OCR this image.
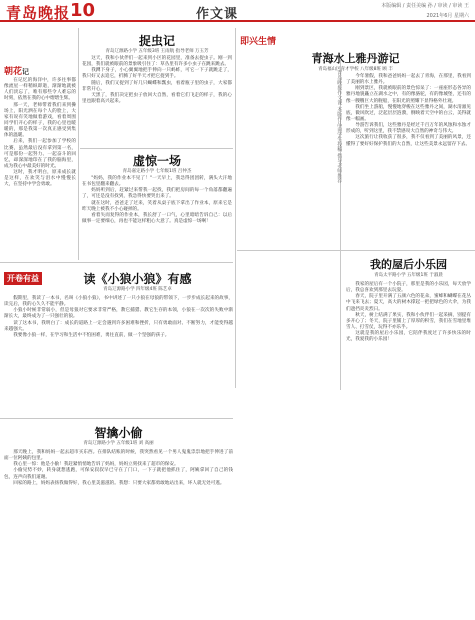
青岛晚报 10	作文课
本版编辑 / 责任美编 孙 / 审读 / 审读 王
2021年6月 星期六
朝花记

在记忆的海洋中，许多往事都像流星一样稍纵即逝，渐渐地就被人们淡忘了，唯有那些令人难忘的时刻，依然在我的心中熠熠生辉。

那一天，老师带着我们来到操场上，阳光洒在每个人的脸上，大家有说有笑地做着游戏，看着周围同学们开心的样子，我的心里也暖暖的，那是我第一次真正感受到集体的温暖。

后来，我们一起参加了学校的比赛，虽然最后没有拿到第一名，可是那份一起努力、一起奋斗的回忆，却深深地印在了我的脑海里，成为我心中最美好的时光。

这时，我才明白，原来成长就是这样，在欢笑与泪水中慢慢长大，在坚持中学会勇敢。

捉虫记
青岛辽源路小学 五年级3班 王雨航 指导老师 万玉芳

这天，我和小伙伴们一起来到小区的花园里，准备去捉虫子。刚一到花园，我们就被眼前的景象吸引住了：草丛里有许多小虫子在跳来跳去。

我蹲下身子，小心翼翼地把手伸向一只蚂蚱，可它一下子就跳走了，我只好又去追它，折腾了好半天才把它捉到手。

随后，我们又捉到了好几只蝴蝶和瓢虫，看着瓶子里的虫子，大家都非常开心。

天黑了，我们决定把虫子放回大自然，看着它们飞走的样子，我的心里也跟着高兴起来。

虚惊一场
青岛嘉定路小学 七年级1班 吕仲杰

"妈妈，我的作业本不见了！"一天早上，我急得团团转，满头大汗地在书包里翻来翻去。

妈妈听到后，赶紧过来帮我一起找，我们把房间的每一个角落都翻遍了，可还是没有找到，我急得快要哭出来了。

就在这时，爸爸走了过来，笑着从桌子底下拿出了作业本，原来它是昨天晚上被我不小心碰掉的。

看着失而复得的作业本，我长舒了一口气，心里暗暗告诉自己：以后做事一定要细心，再也不能这样粗心大意了。真是虚惊一场啊！

即兴生情
青海水上雅丹游记
青岛福山区育才学校 八年级8班 顾 丰

今年暑假，我和爸爸妈妈一起去了青海，在那里，我看到了美丽的水上雅丹。

刚到景区，我就被眼前的景色惊呆了：一座座形态各异的雅丹地貌矗立在湖水之中，有的像骆驼，有的像城堡，还有的像一艘艘巨大的舰船，在阳光的照耀下显得格外壮观。

我们坐上游船，慢慢地穿梭在这些雅丹之间，湖水清澈见底，微风吹过，泛起层层涟漪，倒映着天空中的白云，美得就像一幅画。

导游告诉我们，这些雅丹是经过千百万年的风蚀和水蚀才形成的，听到这里，我不禁感叹大自然的神奇与伟大。

这次旅行让我收获了很多，我不仅看到了美丽的风景，还懂得了要好好保护我们的大自然，让这些美景永远留存下去。

我的屋后小乐园
青岛太平路小学 五年级1班 于淑晨

我家的屋后有一个小院子，那里是我的小乐园，每天放学后，我总喜欢到那里去玩耍。

春天，院子里开满了五颜六色的花朵，蜜蜂和蝴蝶在花丛中飞来飞去；夏天，高大的树木撑起一把把绿色的大伞，为我们遮挡炎炎烈日。

秋天，树上结满了果实，我和小伙伴们一起采摘，别提有多开心了；冬天，院子里铺上了厚厚的积雪，我们在雪地里堆雪人、打雪仗，玩得不亦乐乎。

这就是我的屋后小乐园，它陪伴我度过了许多快乐的时光，我爱我的小乐园！

青岛晚报作文课 本版作品由学生投稿 指导老师推荐
开卷有益	读《小狼小狼》有感
青岛辽源路小学 四年级4班 陈艺卓

假期里，我读了一本书，名叫《小狼小狼》，书中讲述了一只小狼在母狼的带领下，一步步成长起来的故事，读完后，我的心久久不能平静。

小狼小时候非常弱小，但是母狼对它要求非常严格，教它捕猎、教它生存的本领，小狼在一次次的失败中渐渐长大，最终成为了一只强壮的狼。

读了这本书，我明白了：成长的道路上一定会遇到许多困难和挫折，只有勇敢面对、不断努力，才能变得越来越强大。

我要像小狼一样，在学习和生活中不怕困难，勇往直前，做一个坚强的孩子。

智擒小偷
青岛辽源路小学 五年级1班 刘 高丽

那天晚上，我和妈妈一起去超市买东西。在排队结账的时候，我突然看见一个男人鬼鬼祟祟地把手伸进了前面一位阿姨的包里。

我心里一惊：他是小偷！我赶紧悄悄地告诉了妈妈，妈妈立刻找来了超市的保安。

小偷见势不妙，转身就想逃跑，可保安叔叔早已守在了门口，一下子就把他抓住了，阿姨拿回了自己的钱包，连声向我们道谢。

回家的路上，妈妈表扬我做得好，我心里美滋滋的。我想：只要大家都勇敢地站出来，坏人就无处可逃。
